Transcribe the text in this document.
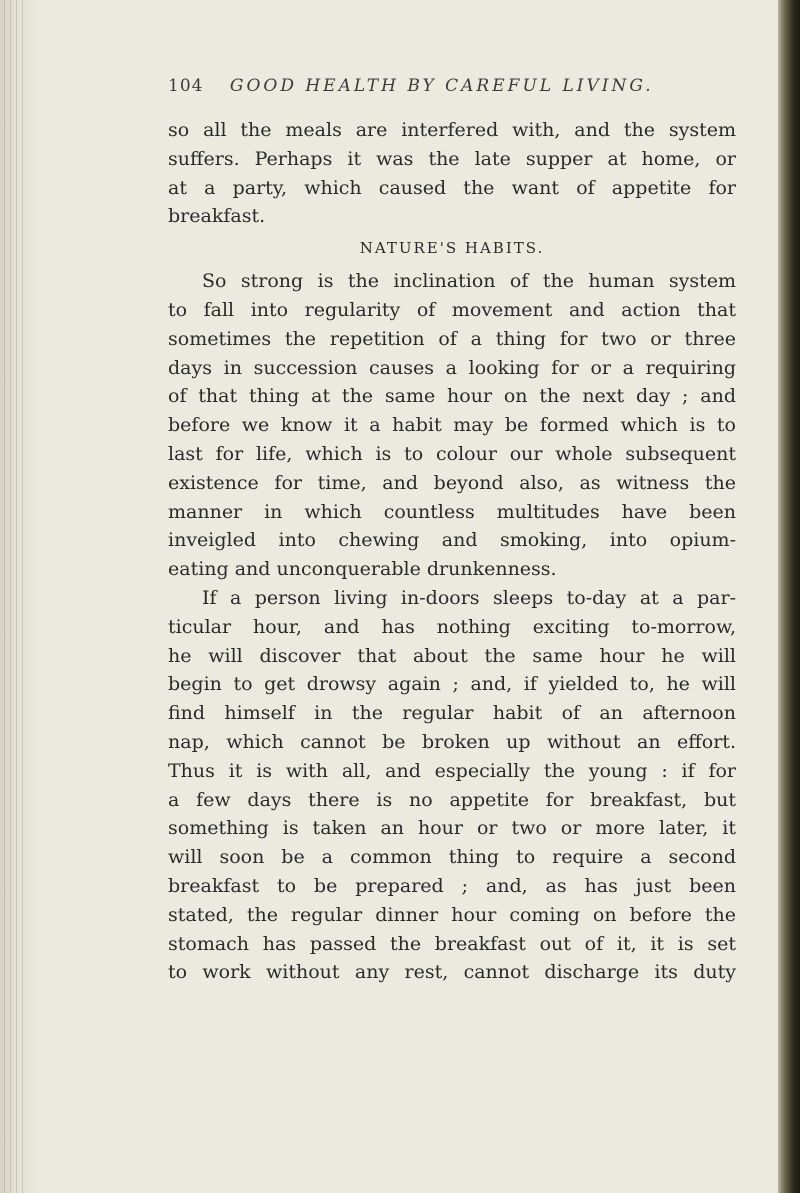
104 GOOD HEALTH BY CAREFUL LIVING.
so all the meals are interfered with, and the system
suffers. Perhaps it was the late supper at home, or
at a party, which caused the want of appetite for
breakfast.
NATURE'S HABITS.
So strong is the inclination of the human system
to fall into regularity of movement and action that
sometimes the repetition of a thing for two or three
days in succession causes a looking for or a requiring
of that thing at the same hour on the next day ; and
before we know it a habit may be formed which is to
last for life, which is to colour our whole subsequent
existence for time, and beyond also, as witness the
manner in which countless multitudes have been
inveigled into chewing and smoking, into opium-
eating and unconquerable drunkenness.
If a person living in-doors sleeps to-day at a par-
ticular hour, and has nothing exciting to-morrow,
he will discover that about the same hour he will
begin to get drowsy again ; and, if yielded to, he will
find himself in the regular habit of an afternoon
nap, which cannot be broken up without an effort.
Thus it is with all, and especially the young : if for
a few days there is no appetite for breakfast, but
something is taken an hour or two or more later, it
will soon be a common thing to require a second
breakfast to be prepared ; and, as has just been
stated, the regular dinner hour coming on before the
stomach has passed the breakfast out of it, it is set
to work without any rest, cannot discharge its duty
